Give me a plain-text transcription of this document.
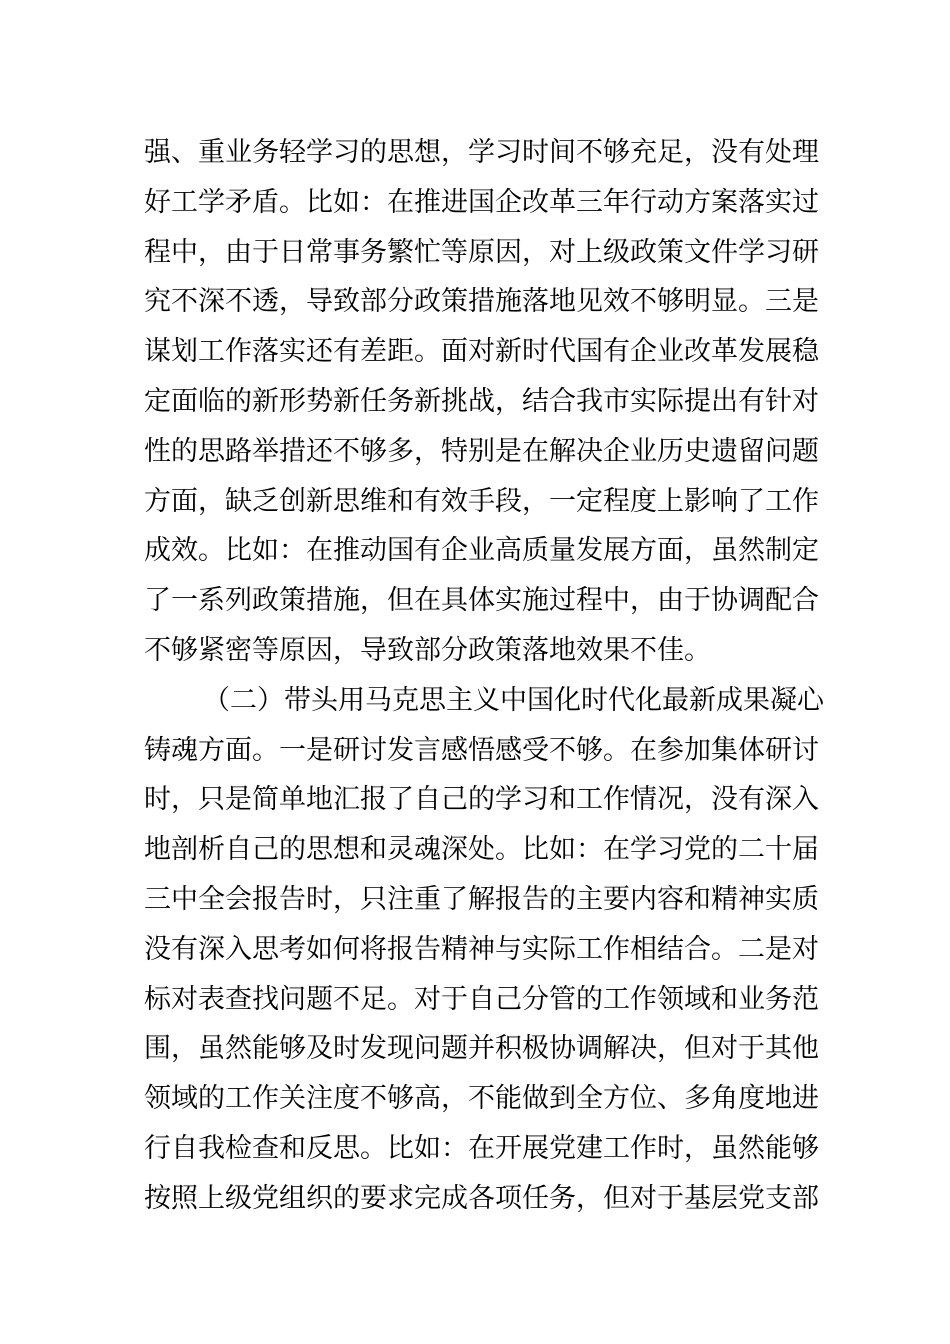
强、重业务轻学习的思想，学习时间不够充足，没有处理
好工学矛盾。比如：在推进国企改革三年行动方案落实过
程中，由于日常事务繁忙等原因，对上级政策文件学习研
究不深不透，导致部分政策措施落地见效不够明显。三是
谋划工作落实还有差距。面对新时代国有企业改革发展稳
定面临的新形势新任务新挑战，结合我市实际提出有针对
性的思路举措还不够多，特别是在解决企业历史遗留问题
方面，缺乏创新思维和有效手段，一定程度上影响了工作
成效。比如：在推动国有企业高质量发展方面，虽然制定
了一系列政策措施，但在具体实施过程中，由于协调配合
不够紧密等原因，导致部分政策落地效果不佳。
（二）带头用马克思主义中国化时代化最新成果凝心
铸魂方面。一是研讨发言感悟感受不够。在参加集体研讨
时，只是简单地汇报了自己的学习和工作情况，没有深入
地剖析自己的思想和灵魂深处。比如：在学习党的二十届
三中全会报告时，只注重了解报告的主要内容和精神实质
没有深入思考如何将报告精神与实际工作相结合。二是对
标对表查找问题不足。对于自己分管的工作领域和业务范
围，虽然能够及时发现问题并积极协调解决，但对于其他
领域的工作关注度不够高，不能做到全方位、多角度地进
行自我检查和反思。比如：在开展党建工作时，虽然能够
按照上级党组织的要求完成各项任务，但对于基层党支部
